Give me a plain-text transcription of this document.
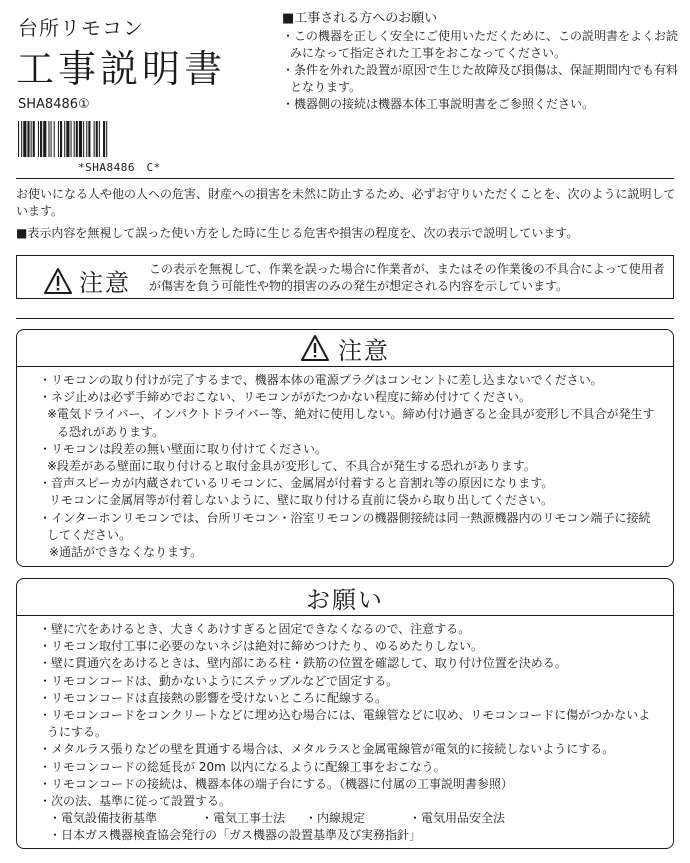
台所リモコン
工事説明書
SHA8486①
*SHA8486　C*
■工事される方へのお願い
・この機器を正しく安全にご使用いただくために、この説明書をよくお読みになって指定された工事をおこなってください。
・条件を外れた設置が原因で生じた故障及び損傷は、保証期間内でも有料となります。
・機器側の接続は機器本体工事説明書をご参照ください。

お使いになる人や他の人への危害、財産への損害を未然に防止するため、必ずお守りいただくことを、次のように説明しています。

■表示内容を無視して誤った使い方をした時に生じる危害や損害の程度を、次の表示で説明しています。

注意 この表示を無視して、作業を誤った場合に作業者が、またはその作業後の不具合によって使用者が傷害を負う可能性や物的損害のみの発生が想定される内容を示しています。
注意
・リモコンの取り付けが完了するまで、機器本体の電源プラグはコンセントに差し込まないでください。
・ネジ止めは必ず手締めでおこない、リモコンががたつかない程度に締め付けてください。
※電気ドライバー、インパクトドライバー等、絶対に使用しない。締め付け過ぎると金具が変形し不具合が発生する恐れがあります。
・リモコンは段差の無い壁面に取り付けてください。
※段差がある壁面に取り付けると取付金具が変形して、不具合が発生する恐れがあります。
・音声スピーカが内蔵されているリモコンに、金属屑が付着すると音割れ等の原因になります。
リモコンに金属屑等が付着しないように、壁に取り付ける直前に袋から取り出してください。
・インターホンリモコンでは、台所リモコン・浴室リモコンの機器側接続は同一熱源機器内のリモコン端子に接続してください。
※通話ができなくなります。
お願い
・壁に穴をあけるとき、大きくあけすぎると固定できなくなるので、注意する。
・リモコン取付工事に必要のないネジは絶対に締めつけたり、ゆるめたりしない。
・壁に貫通穴をあけるときは、壁内部にある柱・鉄筋の位置を確認して、取り付け位置を決める。
・リモコンコードは、動かないようにステップルなどで固定する。
・リモコンコードは直接熱の影響を受けないところに配線する。
・リモコンコードをコンクリートなどに埋め込む場合には、電線管などに収め、リモコンコードに傷がつかないようにする。
・メタルラス張りなどの壁を貫通する場合は、メタルラスと金属電線管が電気的に接続しないようにする。
・リモコンコードの総延長が 20m 以内になるように配線工事をおこなう。
・リモコンコードの接続は、機器本体の端子台にする。（機器に付属の工事説明書参照）
・次の法、基準に従って設置する。
・電気設備技術基準	・電気工事士法	・内線規定	・電気用品安全法
・日本ガス機器検査協会発行の「ガス機器の設置基準及び実務指針」
